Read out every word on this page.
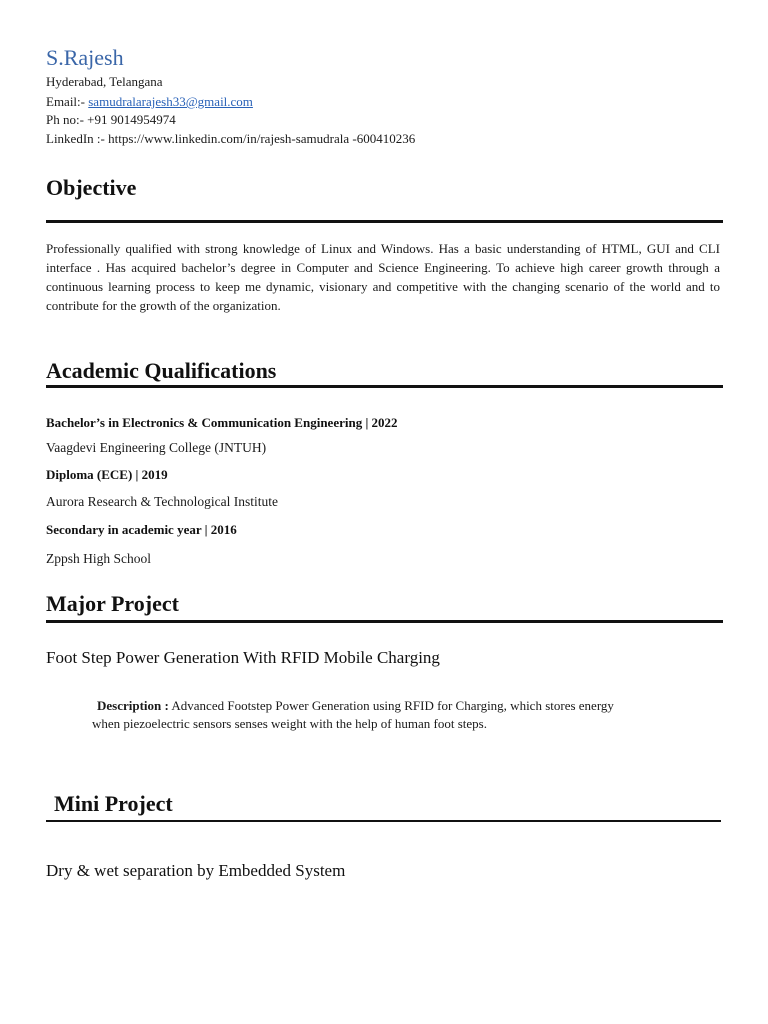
S.Rajesh
Hyderabad, Telangana
Email:- samudralarajesh33@gmail.com
Ph no:- +91 9014954974
LinkedIn :- https://www.linkedin.com/in/rajesh-samudrala -600410236
Objective
Professionally qualified with strong knowledge of Linux and Windows. Has a basic understanding of HTML, GUI and CLI interface . Has acquired bachelor’s degree in Computer and Science Engineering. To achieve high career growth through a continuous learning process to keep me dynamic, visionary and competitive with the changing scenario of the world and to contribute for the growth of the organization.
Academic Qualifications
Bachelor’s in Electronics & Communication Engineering | 2022
Vaagdevi Engineering College (JNTUH)
Diploma (ECE) | 2019
Aurora Research & Technological Institute
Secondary in academic year | 2016
Zppsh High School
Major Project
Foot Step Power Generation With RFID Mobile Charging
Description : Advanced Footstep Power Generation using RFID for Charging, which stores energy
when piezoelectric sensors senses weight with the help of human foot steps.
Mini Project
Dry & wet separation by Embedded System
